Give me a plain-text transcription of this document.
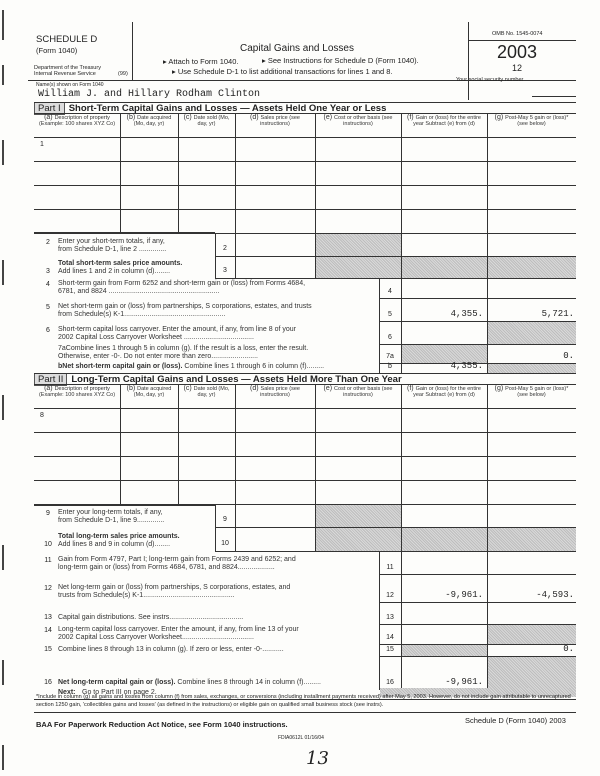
SCHEDULE D
(Form 1040)
Department of the Treasury
Internal Revenue Service	(99)
Capital Gains and Losses
▸ Attach to Form 1040.	▸ See Instructions for Schedule D (Form 1040).
▸ Use Schedule D-1 to list additional transactions for lines 1 and 8.
OMB No. 1545-0074
2003
12
Name(s) shown on Form 1040
Your social security number
William J. and Hillary Rodham Clinton
Part I Short-Term Capital Gains and Losses — Assets Held One Year or Less
(a) Description of property (Example: 100 shares XYZ Co)
(b) Date acquired (Mo, day, yr)
(c) Date sold (Mo, day, yr)
(d) Sales price (see instructions)
(e) Cost or other basis (see instructions)
(f) Gain or (loss) for the entire year Subtract (e) from (d)
(g) Post-May 5 gain or (loss)* (see below)
1
2
2	Enter your short-term totals, if any,
from Schedule D-1, line 2 ..............
3
3
Total short-term sales price amounts.
Add lines 1 and 2 in column (d)........
4
4	Short-term gain from Form 6252 and short-term gain or (loss) from Forms 4684,
6781, and 8824 .........................................................
5
5	Net short-term gain or (loss) from partnerships, S corporations, estates, and trusts
from Schedule(s) K-1....................................................	4,355.	5,721.
6
6	Short-term capital loss carryover. Enter the amount, if any, from line 8 of your
2002 Capital Loss Carryover Worksheet ....................................
7a
7aCombine lines 1 through 5 in column (g). If the result is a loss, enter the result.
Otherwise, enter -0-. Do not enter more than zero........................	0.
b
bNet short-term capital gain or (loss). Combine lines 1 through 6 in column (f).........	4,355.
Part II Long-Term Capital Gains and Losses — Assets Held More Than One Year
(a) Description of property (Example: 100 shares XYZ Co)
(b) Date acquired (Mo, day, yr)
(c) Date sold (Mo, day, yr)
(d) Sales price (see instructions)
(e) Cost or other basis (see instructions)
(f) Gain or (loss) for the entire year Subtract (e) from (d)
(g) Post-May 5 gain or (loss)* (see below)
8
9
9	Enter your long-term totals, if any,
from Schedule D-1, line 9..............
10
10
Total long-term sales price amounts.
Add lines 8 and 9 in column (d)........
11
11 Gain from Form 4797, Part I; long-term gain from Forms 2439 and 6252; and
long-term gain or (loss) from Forms 4684, 6781, and 8824...................
12
12 Net long-term gain or (loss) from partnerships, S corporations, estates, and
trusts from Schedule(s) K-1...............................................	-9,961.	-4,593.
13
13 Capital gain distributions. See instrs......................................
14
14 Long-term capital loss carryover. Enter the amount, if any, from line 13 of your
2002 Capital Loss Carryover Worksheet.....................................
15
15 Combine lines 8 through 13 in column (g). If zero or less, enter -0-...........	0.
16
16 Net long-term capital gain or (loss). Combine lines 8 through 14 in column (f).........	-9,961.
Next: Go to Part III on page 2.
*Include in column (g) all gains and losses from column (f) from sales, exchanges, or conversions (including installment payments received) after May 5, 2003. However, do not include gain attributable to unrecaptured section 1250 gain, 'collectibles gains and losses' (as defined in the instructions) or eligible gain on qualified small business stock (see instrs).
BAA For Paperwork Reduction Act Notice, see Form 1040 instructions.	Schedule D (Form 1040) 2003
FDIA0612L 01/16/04
13
